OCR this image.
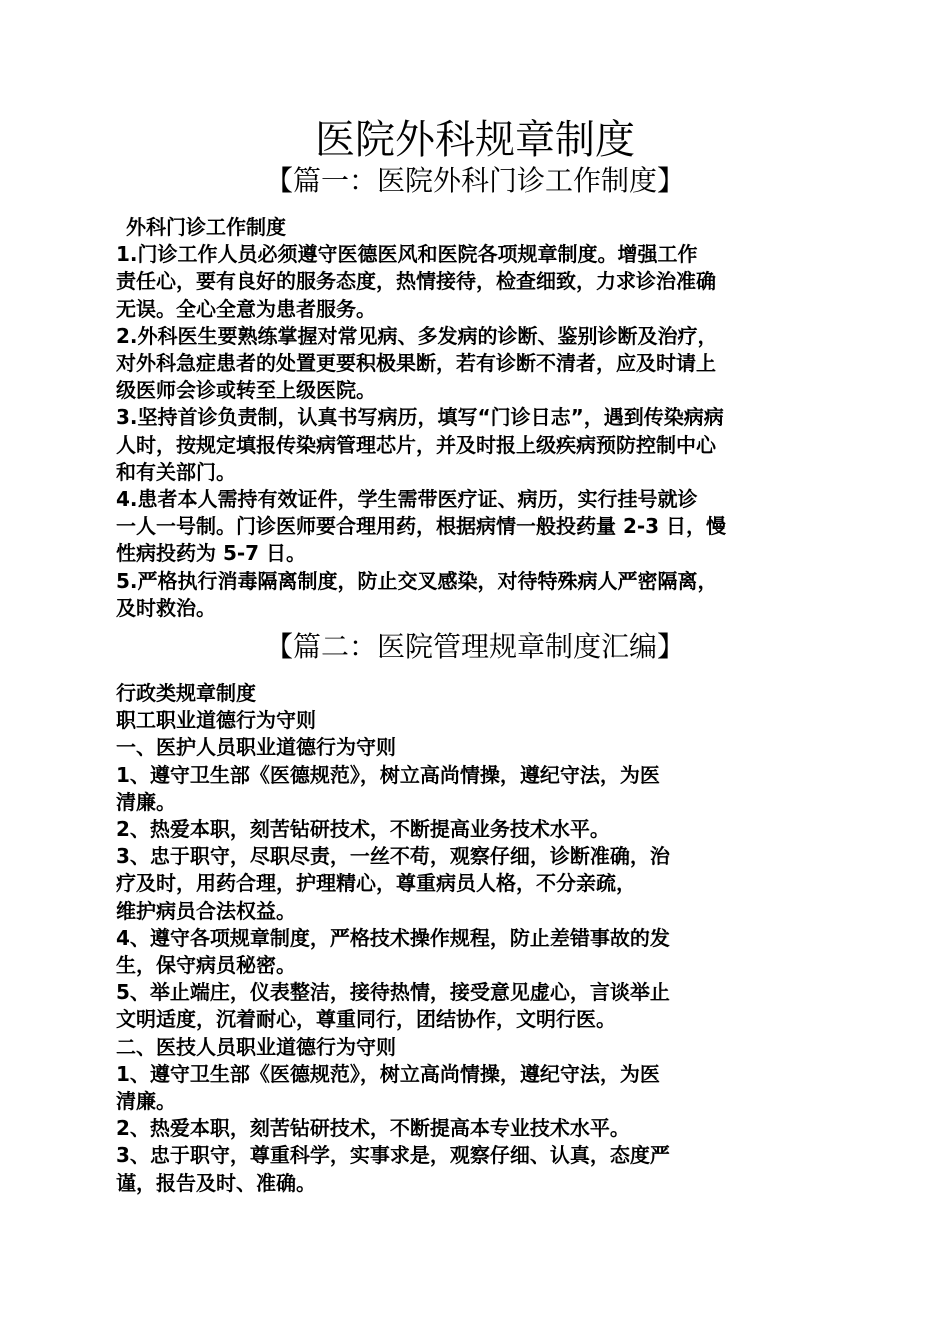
医院外科规章制度
【篇一：医院外科门诊工作制度】

外科门诊工作制度

1.门诊工作人员必须遵守医德医风和医院各项规章制度。增强工作

责任心，要有良好的服务态度，热情接待，检查细致，力求诊治准确

无误。全心全意为患者服务。

2.外科医生要熟练掌握对常见病、多发病的诊断、鉴别诊断及治疗，

对外科急症患者的处置更要积极果断，若有诊断不清者，应及时请上

级医师会诊或转至上级医院。

3.坚持首诊负责制，认真书写病历，填写“门诊日志”，遇到传染病病

人时，按规定填报传染病管理芯片，并及时报上级疾病预防控制中心

和有关部门。

4.患者本人需持有效证件，学生需带医疗证、病历，实行挂号就诊

一人一号制。门诊医师要合理用药，根据病情一般投药量 2-3 日，慢

性病投药为 5-7 日。

5.严格执行消毒隔离制度，防止交叉感染，对待特殊病人严密隔离，

及时救治。

【篇二：医院管理规章制度汇编】

行政类规章制度

职工职业道德行为守则

一、医护人员职业道德行为守则

1、遵守卫生部《医德规范》，树立高尚情操，遵纪守法，为医

清廉。

2、热爱本职，刻苦钻研技术，不断提高业务技术水平。

3、忠于职守，尽职尽责，一丝不苟，观察仔细，诊断准确，治

疗及时，用药合理，护理精心，尊重病员人格，不分亲疏，

维护病员合法权益。

4、遵守各项规章制度，严格技术操作规程，防止差错事故的发

生，保守病员秘密。

5、举止端庄，仪表整洁，接待热情，接受意见虚心，言谈举止

文明适度，沉着耐心，尊重同行，团结协作，文明行医。

二、医技人员职业道德行为守则

1、遵守卫生部《医德规范》，树立高尚情操，遵纪守法，为医

清廉。

2、热爱本职，刻苦钻研技术，不断提高本专业技术水平。

3、忠于职守，尊重科学，实事求是，观察仔细、认真，态度严

谨，报告及时、准确。
